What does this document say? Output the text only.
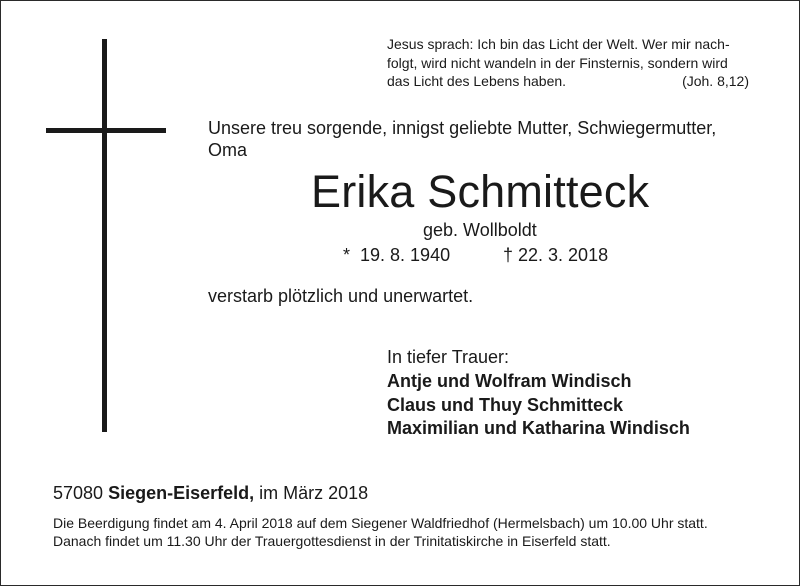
Jesus sprach: Ich bin das Licht der Welt. Wer mir nach-
folgt, wird nicht wandeln in der Finsternis, sondern wird
das Licht des Lebens haben.	(Joh. 8,12)
Unsere treu sorgende, innigst geliebte Mutter, Schwiegermutter,
Oma
Erika Schmitteck
geb. Wollboldt
*  19. 8. 1940	† 22. 3. 2018
verstarb plötzlich und unerwartet.
In tiefer Trauer:
Antje und Wolfram Windisch
Claus und Thuy Schmitteck
Maximilian und Katharina Windisch
57080 Siegen-Eiserfeld, im März 2018
Die Beerdigung findet am 4. April 2018 auf dem Siegener Waldfriedhof (Hermelsbach) um 10.00 Uhr statt.
Danach findet um 11.30 Uhr der Trauergottesdienst in der Trinitatiskirche in Eiserfeld statt.
